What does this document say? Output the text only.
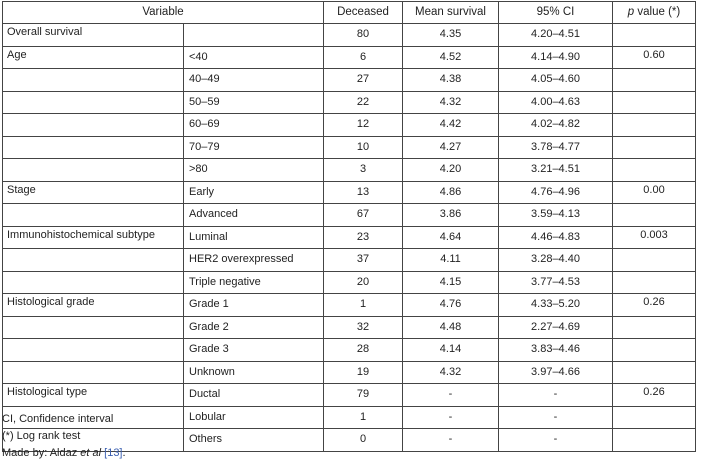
Variable		Deceased	Mean survival	95% CI	p value (*)
Overall survival		80	4.35	4.20–4.51	
Age	<40	6	4.52	4.14–4.90	0.60
	40–49	27	4.38	4.05–4.60	
	50–59	22	4.32	4.00–4.63	
	60–69	12	4.42	4.02–4.82	
	70–79	10	4.27	3.78–4.77	
	>80	3	4.20	3.21–4.51	
Stage	Early	13	4.86	4.76–4.96	0.00
	Advanced	67	3.86	3.59–4.13	
Immunohistochemical subtype	Luminal	23	4.64	4.46–4.83	0.003
	HER2 overexpressed	37	4.11	3.28–4.40	
	Triple negative	20	4.15	3.77–4.53	
Histological grade	Grade 1	1	4.76	4.33–5.20	0.26
	Grade 2	32	4.48	2.27–4.69	
	Grade 3	28	4.14	3.83–4.46	
	Unknown	19	4.32	3.97–4.66	
Histological type	Ductal	79	-	-	0.26
	Lobular	1	-	-	
	Others	0	-	-	
CI, Confidence interval
(*) Log rank test
Made by: Aldaz et al [13].
